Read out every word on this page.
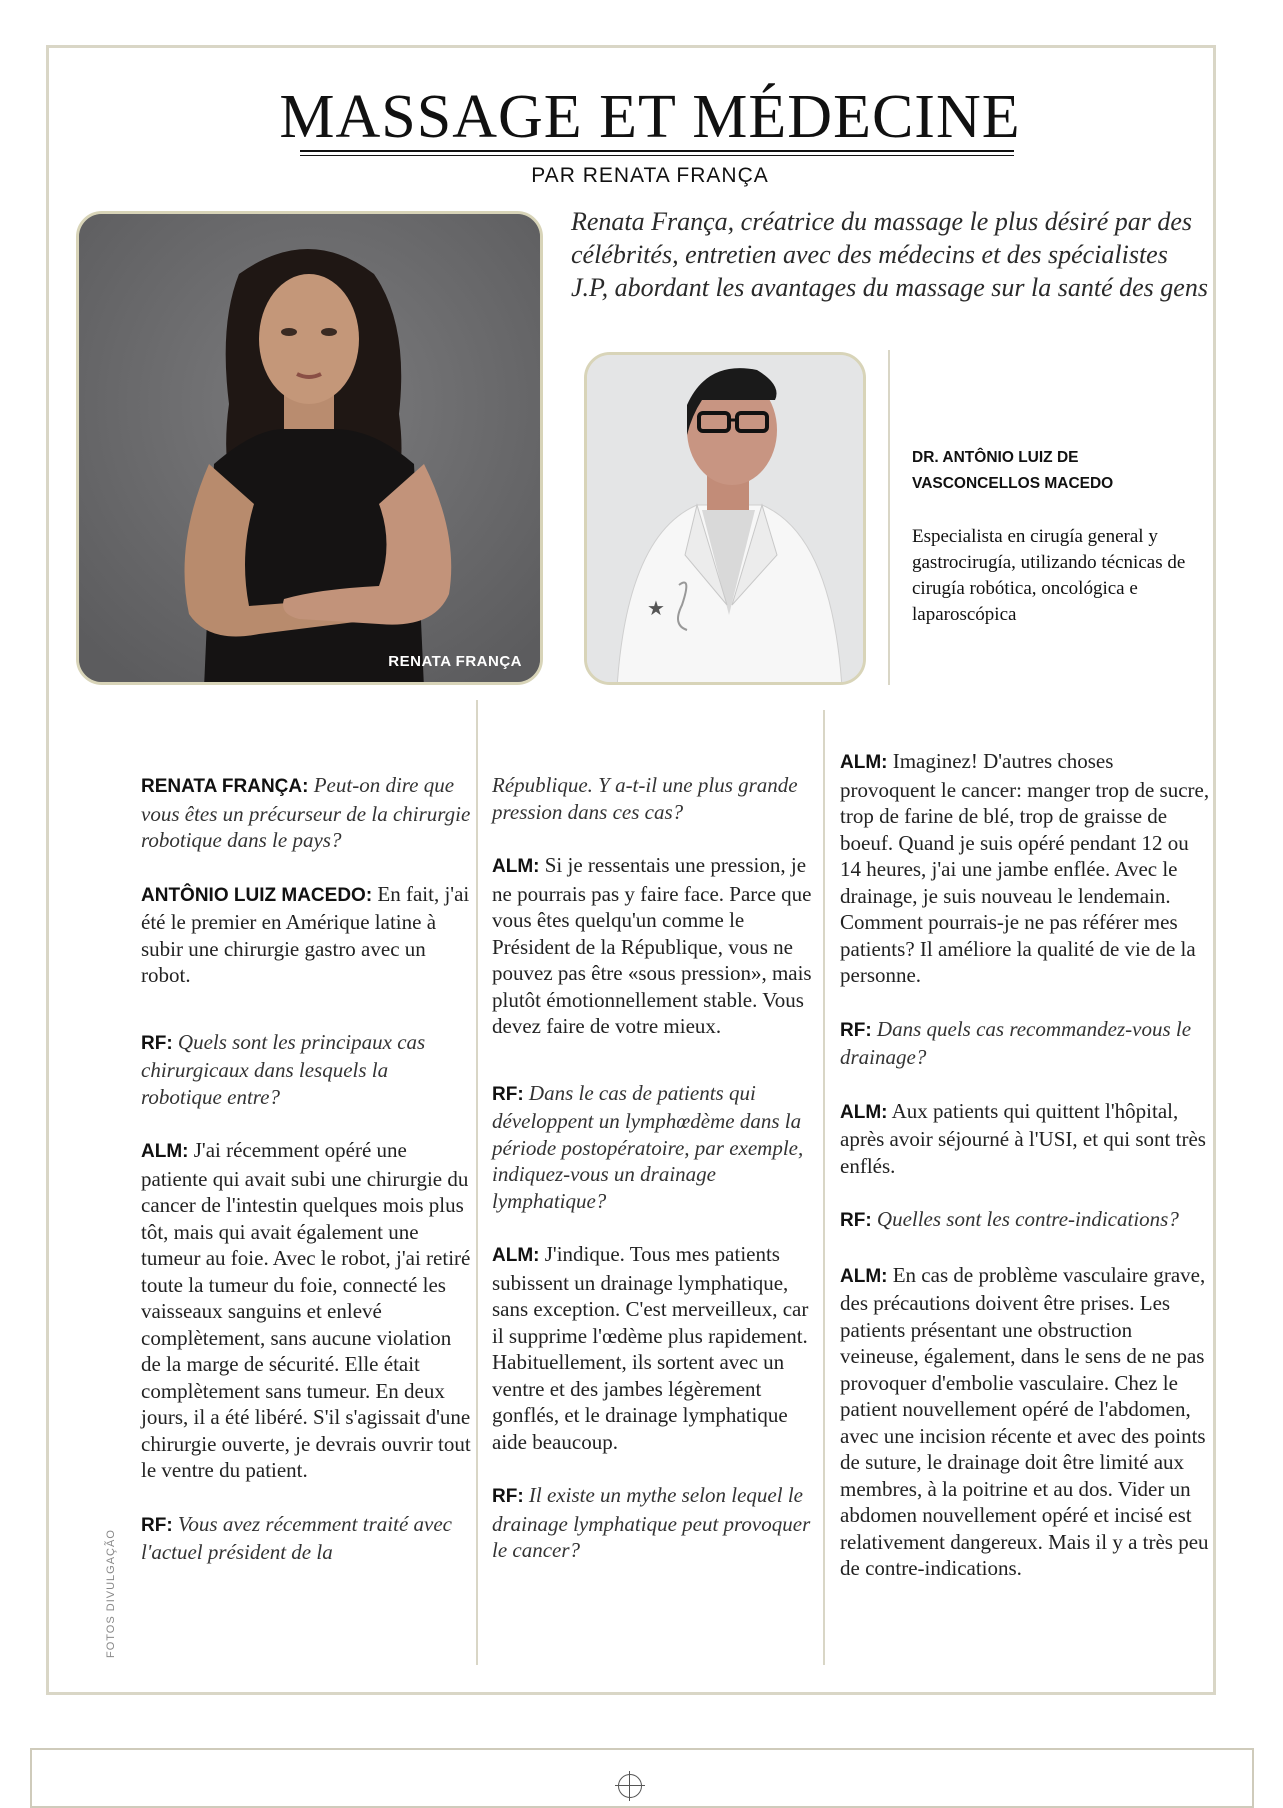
MASSAGE ET MÉDECINE
PAR RENATA FRANÇA
Renata França, créatrice du massage le plus désiré par des célébrités, entretien avec des médecins et des spécialistes J.P, abordant les avantages du massage sur la santé des gens
RENATA FRANÇA
★
DR. ANTÔNIO LUIZ DE VASCONCELLOS MACEDO
Especialista en cirugía general y gastrocirugía, utilizando técnicas de cirugía robótica, oncológica e laparoscópica

RENATA FRANÇA: Peut-on dire que vous êtes un précurseur de la chirurgie robotique dans le pays?

ANTÔNIO LUIZ MACEDO: En fait, j'ai été le premier en Amérique latine à subir une chirurgie gastro avec un robot.

RF: Quels sont les principaux cas chirurgicaux dans lesquels la robotique entre?

ALM: J'ai récemment opéré une patiente qui avait subi une chirurgie du cancer de l'intestin quelques mois plus tôt, mais qui avait également une tumeur au foie. Avec le robot, j'ai retiré toute la tumeur du foie, connecté les vaisseaux sanguins et enlevé complètement, sans aucune violation de la marge de sécurité. Elle était complètement sans tumeur. En deux jours, il a été libéré. S'il s'agissait d'une chirurgie ouverte, je devrais ouvrir tout le ventre du patient.

RF: Vous avez récemment traité avec l'actuel président de la

République. Y a-t-il une plus grande pression dans ces cas?

ALM: Si je ressentais une pression, je ne pourrais pas y faire face. Parce que vous êtes quelqu'un comme le Président de la République, vous ne pouvez pas être «sous pression», mais plutôt émotionnellement stable. Vous devez faire de votre mieux.

RF: Dans le cas de patients qui développent un lymphœdème dans la période postopératoire, par exemple, indiquez-vous un drainage lymphatique?

ALM: J'indique. Tous mes patients subissent un drainage lymphatique, sans exception. C'est merveilleux, car il supprime l'œdème plus rapidement. Habituellement, ils sortent avec un ventre et des jambes légèrement gonflés, et le drainage lymphatique aide beaucoup.

RF: Il existe un mythe selon lequel le drainage lymphatique peut provoquer le cancer?

ALM: Imaginez! D'autres choses provoquent le cancer: manger trop de sucre, trop de farine de blé, trop de graisse de boeuf. Quand je suis opéré pendant 12 ou 14 heures, j'ai une jambe enflée. Avec le drainage, je suis nouveau le lendemain. Comment pourrais-je ne pas référer mes patients? Il améliore la qualité de vie de la personne.

RF: Dans quels cas recommandez-vous le drainage?

ALM: Aux patients qui quittent l'hôpital, après avoir séjourné à l'USI, et qui sont très enflés.

RF: Quelles sont les contre-indications?

ALM: En cas de problème vasculaire grave, des précautions doivent être prises. Les patients présentant une obstruction veineuse, également, dans le sens de ne pas provoquer d'embolie vasculaire. Chez le patient nouvellement opéré de l'abdomen, avec une incision récente et avec des points de suture, le drainage doit être limité aux membres, à la poitrine et au dos. Vider un abdomen nouvellement opéré et incisé est relativement dangereux. Mais il y a très peu de contre-indications.

FOTOS DIVULGAÇÃO
